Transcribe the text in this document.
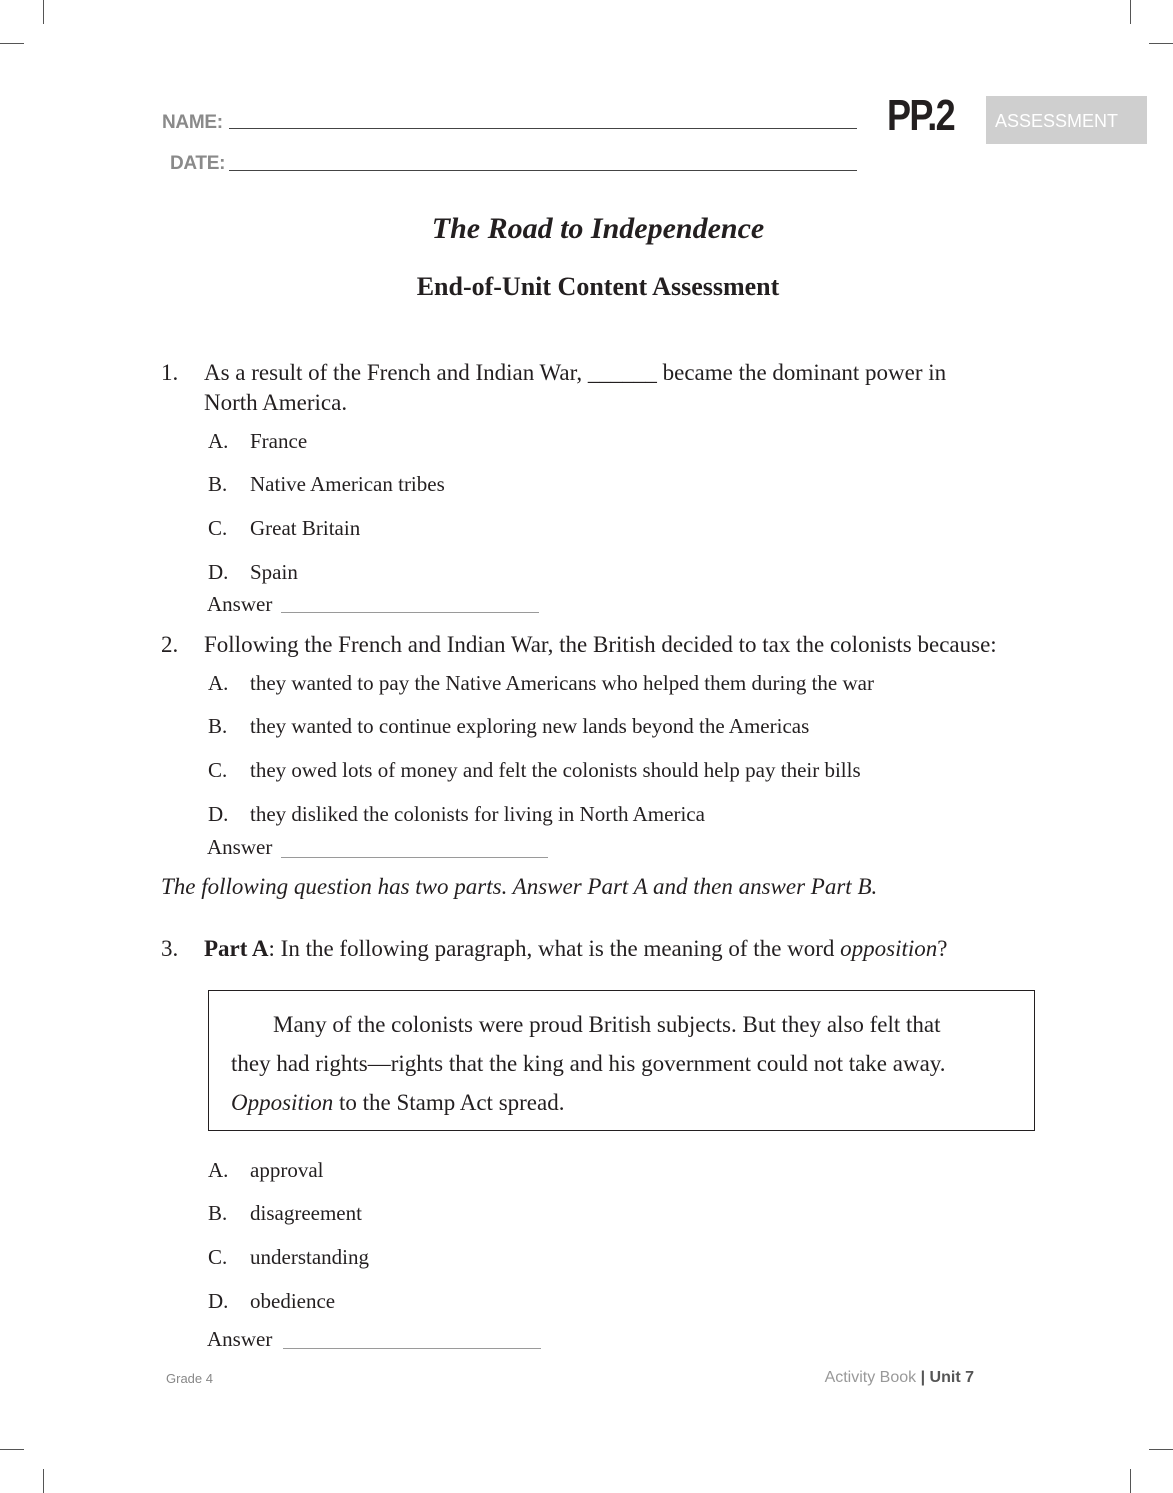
NAME:
DATE:
PP.2	ASSESSMENT
The Road to Independence
End-of-Unit Content Assessment
1. As a result of the French and Indian War, ______ became the dominant power in
North America.
A. France
B. Native American tribes
C. Great Britain
D. Spain
Answer
2. Following the French and Indian War, the British decided to tax the colonists because:
A. they wanted to pay the Native Americans who helped them during the war
B. they wanted to continue exploring new lands beyond the Americas
C. they owed lots of money and felt the colonists should help pay their bills
D. they disliked the colonists for living in North America
Answer
The following question has two parts. Answer Part A and then answer Part B.
3. Part A: In the following paragraph, what is the meaning of the word opposition?
Many of the colonists were proud British subjects. But they also felt that
they had rights—rights that the king and his government could not take away.
Opposition to the Stamp Act spread.
A. approval
B. disagreement
C. understanding
D. obedience
Answer
Grade 4	Activity Book | Unit 7
